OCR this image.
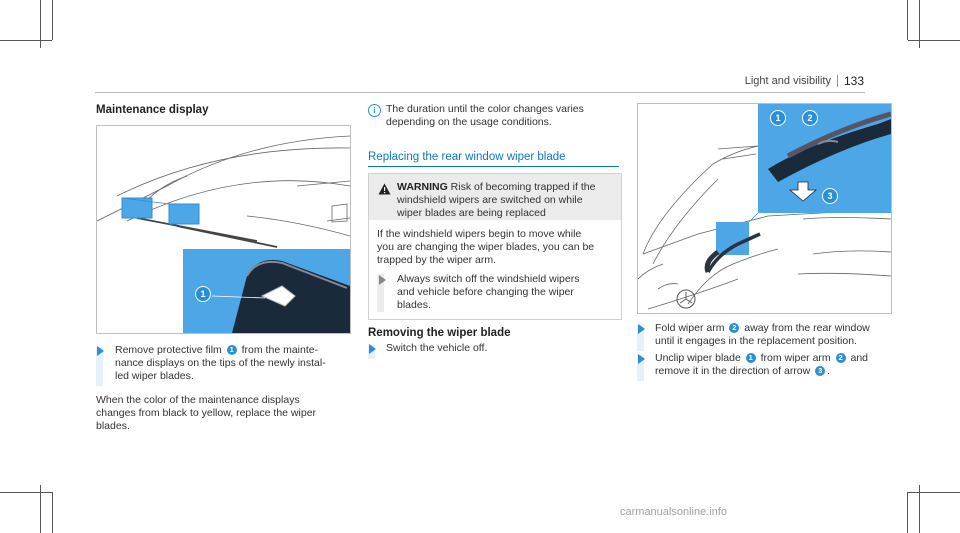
Light and visibility 133
Maintenance display
1
Remove protective film 1 from the mainte-
nance displays on the tips of the newly instal-
led wiper blades.
When the color of the maintenance displays
changes from black to yellow, replace the wiper
blades.
i The duration until the color changes varies
depending on the usage conditions.
Replacing the rear window wiper blade
WARNING Risk of becoming trapped if the
windshield wipers are switched on while
wiper blades are being replaced
If the windshield wipers begin to move while
you are changing the wiper blades, you can be
trapped by the wiper arm.
Always switch off the windshield wipers
and vehicle before changing the wiper
blades.
Removing the wiper blade
Switch the vehicle off.
1	2
3
Fold wiper arm 2 away from the rear window
until it engages in the replacement position.
Unclip wiper blade 1 from wiper arm 2 and
remove it in the direction of arrow 3 .
carmanualsonline.info
